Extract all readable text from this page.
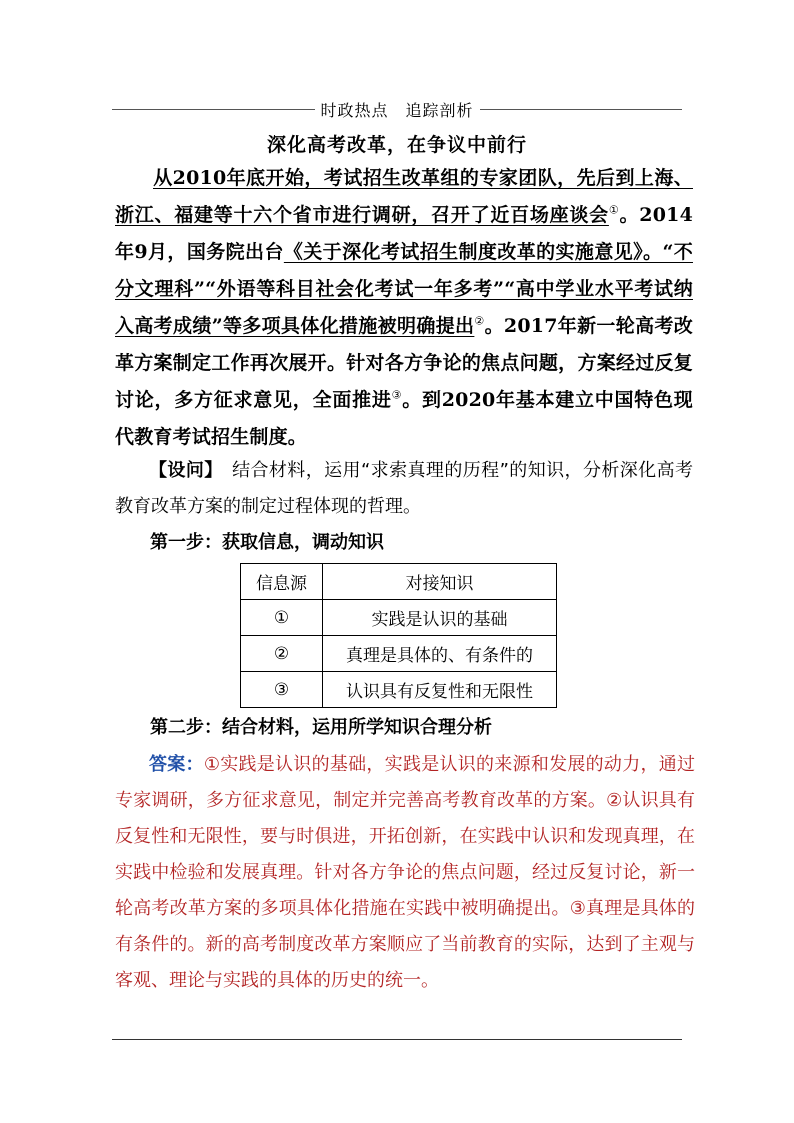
时政热点　追踪剖析
深化高考改革，在争议中前行
从2010年底开始，考试招生改革组的专家团队，先后到上海、浙江、福建等十六个省市进行调研，召开了近百场座谈会①。2014年9月，国务院出台《关于深化考试招生制度改革的实施意见》。“不分文理科”“外语等科目社会化考试一年多考”“高中学业水平考试纳入高考成绩”等多项具体化措施被明确提出②。2017年新一轮高考改革方案制定工作再次展开。针对各方争论的焦点问题，方案经过反复讨论，多方征求意见，全面推进③。到2020年基本建立中国特色现代教育考试招生制度。
【设问】　结合材料，运用“求索真理的历程”的知识，分析深化高考教育改革方案的制定过程体现的哲理。
第一步：获取信息，调动知识
信息源	对接知识
①	实践是认识的基础
②	真理是具体的、有条件的
③	认识具有反复性和无限性
第二步：结合材料，运用所学知识合理分析
答案：①实践是认识的基础，实践是认识的来源和发展的动力，通过专家调研，多方征求意见，制定并完善高考教育改革的方案。②认识具有反复性和无限性，要与时俱进，开拓创新，在实践中认识和发现真理，在实践中检验和发展真理。针对各方争论的焦点问题，经过反复讨论，新一轮高考改革方案的多项具体化措施在实践中被明确提出。③真理是具体的有条件的。新的高考制度改革方案顺应了当前教育的实际，达到了主观与客观、理论与实践的具体的历史的统一。
